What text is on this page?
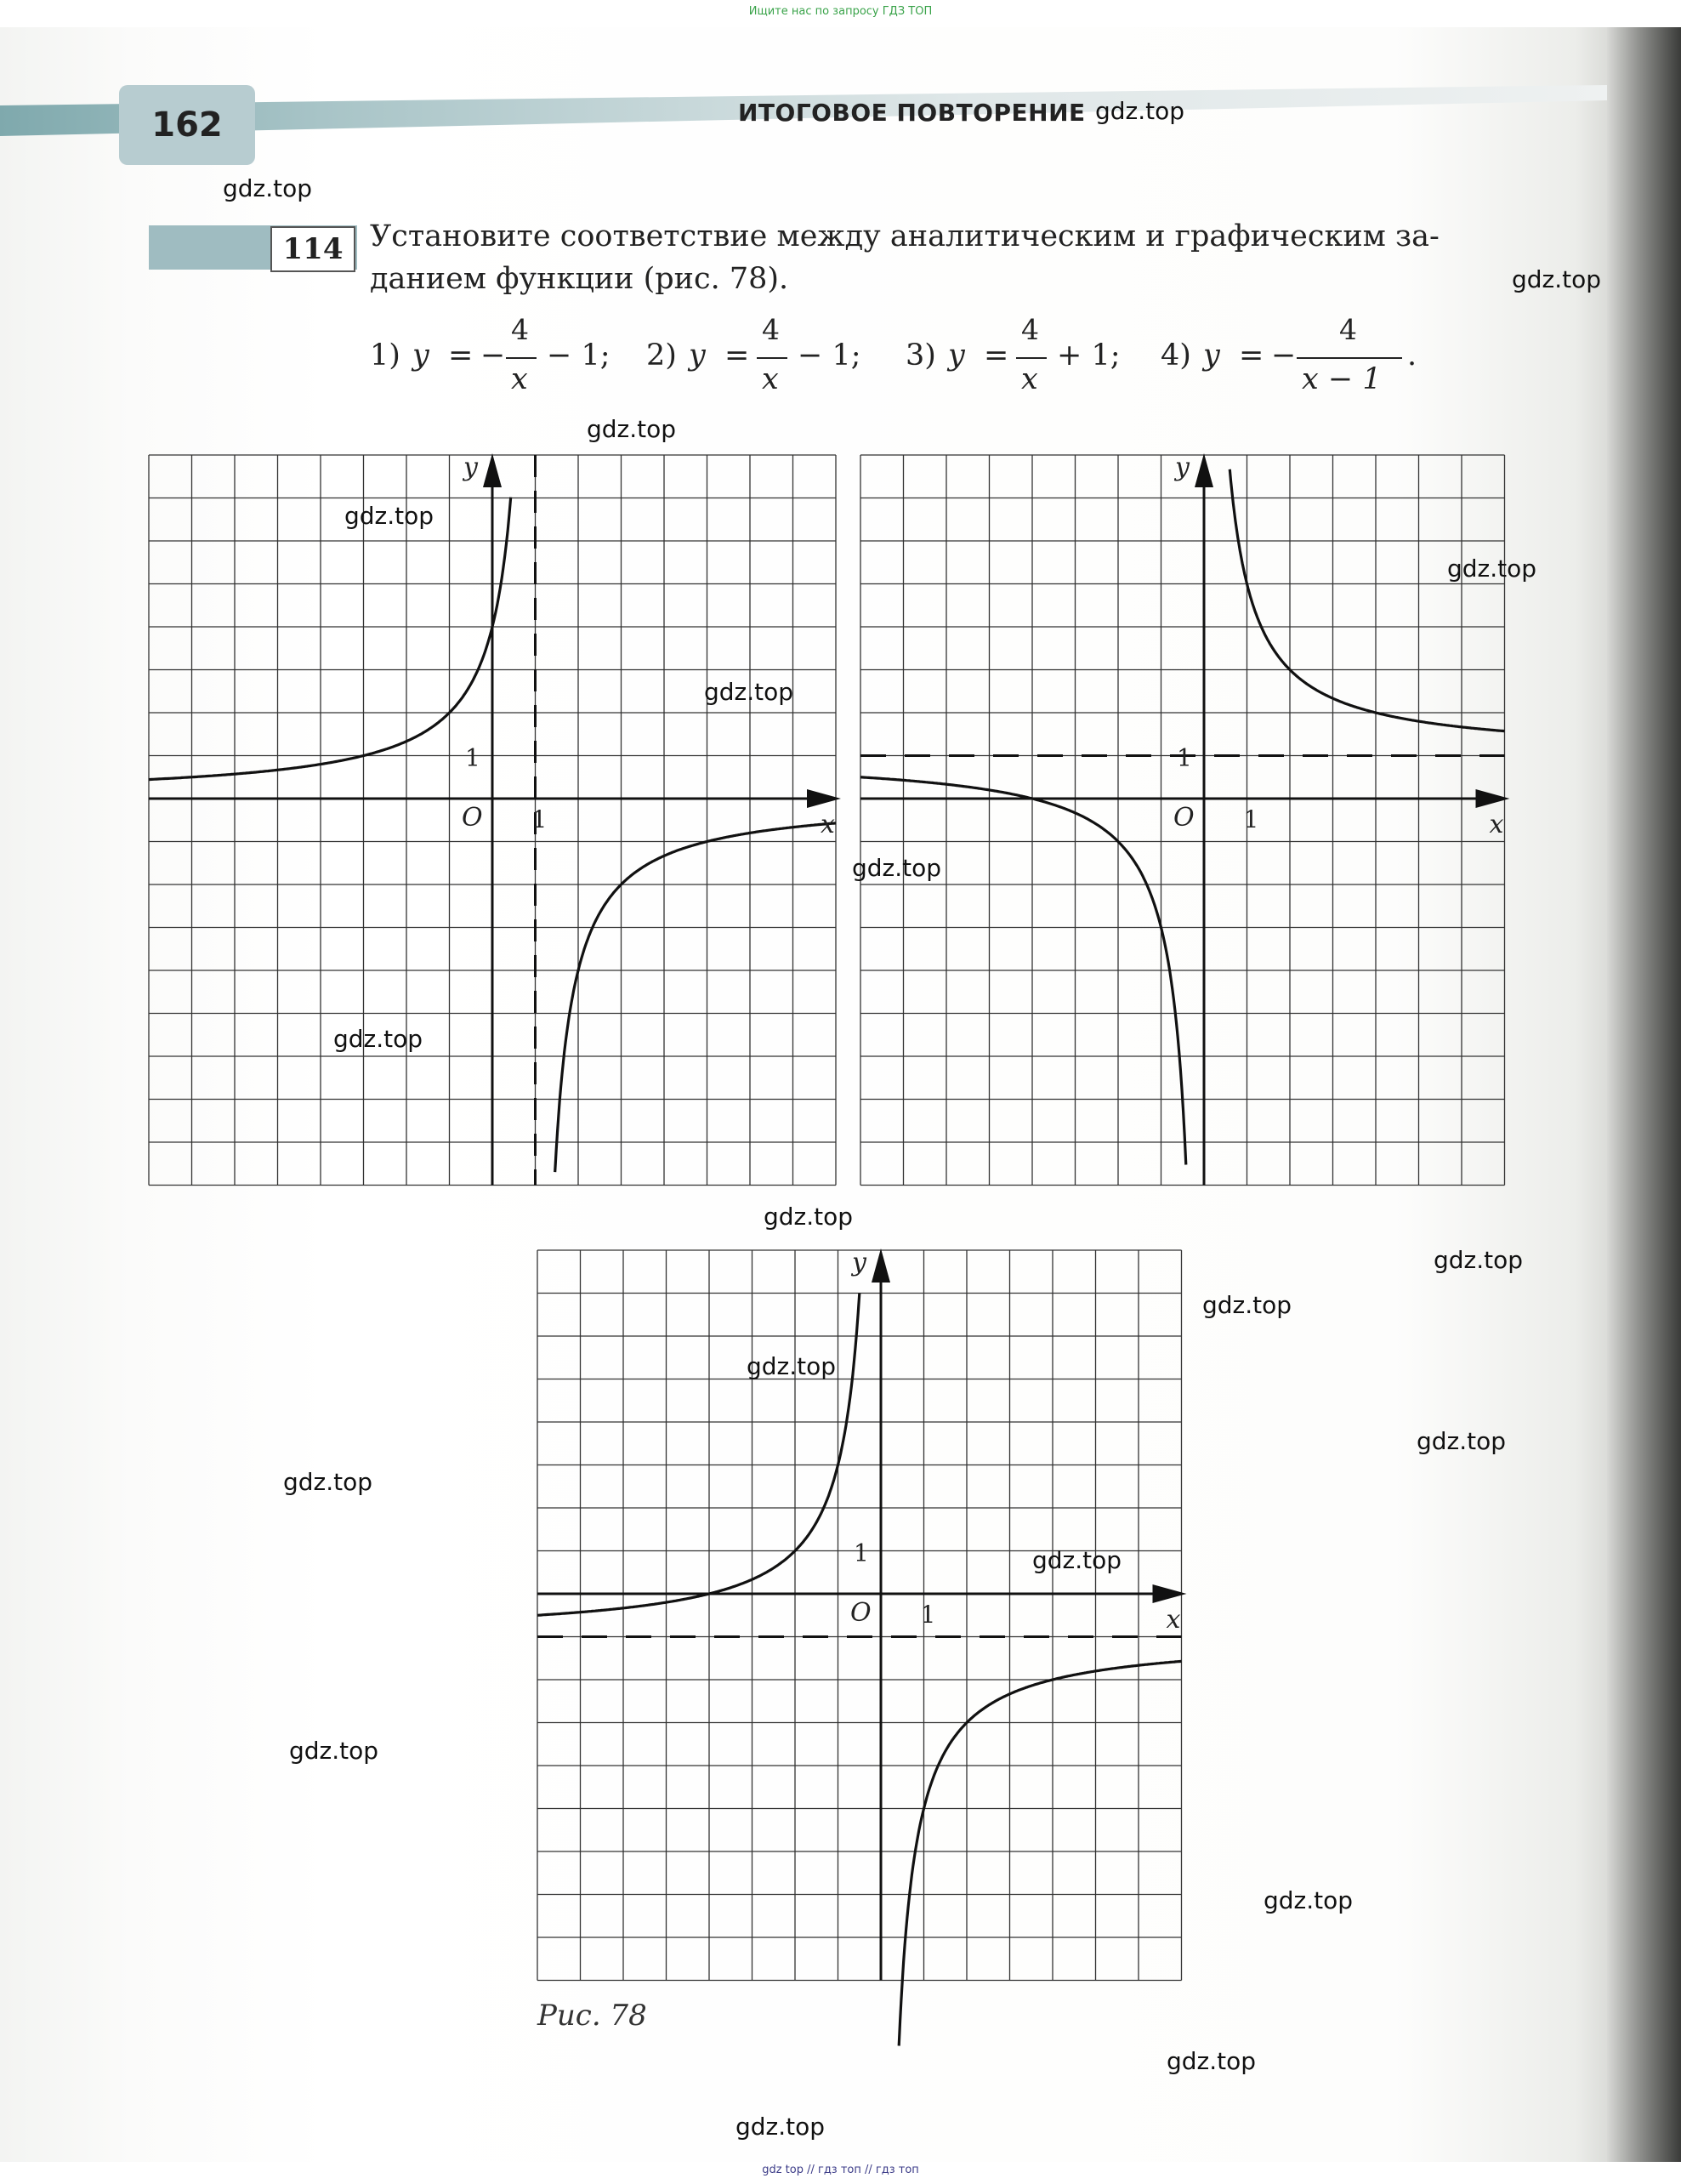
Ищите нас по запросу ГДЗ ТОП
162	ИТОГОВОЕ ПОВТОРЕНИЕ
114 Установите соответствие между аналитическим и графическим за-
данием функции (рис. 78).
1) y = −
4
x
− 1; 2) y =
4
x
− 1; 3) y =
4
x
+ 1; 4) y = −
4
x − 1
.
y
x
O 1
1
y
x
O 1
1
y
x
O 1
1
Рис. 78
gdz.top
gdz.top
gdz.top
gdz.top
gdz.top
gdz.top
gdz.top
gdz.top
gdz.top
gdz.top
gdz.top
gdz.top
gdz.top
gdz.top
gdz.top
gdz.top
gdz.top
gdz.top
gdz.top
gdz.top
gdz top // гдз топ // гдз топ
